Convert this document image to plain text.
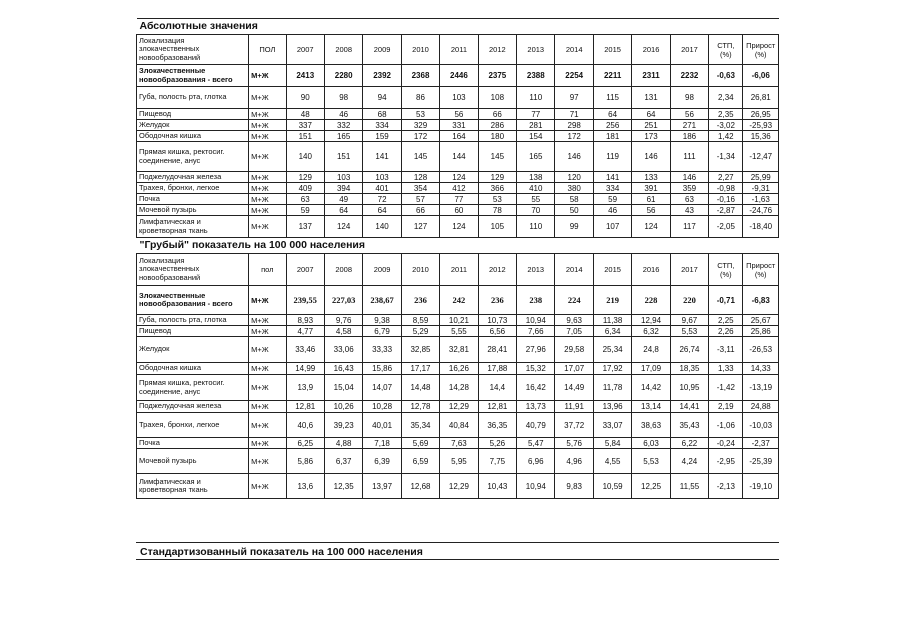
Абсолютные значения														
Локализация злокачественных новообразований	ПОЛ	2007	2008	2009	2010	2011	2012	2013	2014	2015	2016	2017	СТП, (%)	Прирост (%)
Злокачественные новообразования - всего	М+Ж	2413	2280	2392	2368	2446	2375	2388	2254	2211	2311	2232	-0,63	-6,06
Губа, полость рта, глотка	М+Ж	90	98	94	86	103	108	110	97	115	131	98	2,34	26,81
Пищевод	М+Ж	48	46	68	53	56	66	77	71	64	64	56	2,35	26,95
Желудок	М+Ж	337	332	334	329	331	286	281	298	256	251	271	-3,02	-25,93
Ободочная кишка	М+Ж	151	165	159	172	164	180	154	172	181	173	186	1,42	15,36
Прямая кишка, ректосиг. соединение, анус	М+Ж	140	151	141	145	144	145	165	146	119	146	111	-1,34	-12,47
Поджелудочная железа	М+Ж	129	103	103	128	124	129	138	120	141	133	146	2,27	25,99
Трахея, бронхи, легкое	М+Ж	409	394	401	354	412	366	410	380	334	391	359	-0,98	-9,31
Почка	М+Ж	63	49	72	57	77	53	55	58	59	61	63	-0,16	-1,63
Мочевой пузырь	М+Ж	59	64	64	66	60	78	70	50	46	56	43	-2,87	-24,76
Лимфатическая и кроветворная ткань	М+Ж	137	124	140	127	124	105	110	99	107	124	117	-2,05	-18,40
"Грубый" показатель на 100 000 населения														
Локализация злокачественных новообразований	пол	2007	2008	2009	2010	2011	2012	2013	2014	2015	2016	2017	СТП, (%)	Прирост (%)
Злокачественные новообразования - всего	М+Ж	239,55	227,03	238,67	236	242	236	238	224	219	228	220	-0,71	-6,83
Губа, полость рта, глотка	М+Ж	8,93	9,76	9,38	8,59	10,21	10,73	10,94	9,63	11,38	12,94	9,67	2,25	25,67
Пищевод	М+Ж	4,77	4,58	6,79	5,29	5,55	6,56	7,66	7,05	6,34	6,32	5,53	2,26	25,86
Желудок	М+Ж	33,46	33,06	33,33	32,85	32,81	28,41	27,96	29,58	25,34	24,8	26,74	-3,11	-26,53
Ободочная кишка	М+Ж	14,99	16,43	15,86	17,17	16,26	17,88	15,32	17,07	17,92	17,09	18,35	1,33	14,33
Прямая кишка, ректосиг. соединение, анус	М+Ж	13,9	15,04	14,07	14,48	14,28	14,4	16,42	14,49	11,78	14,42	10,95	-1,42	-13,19
Поджелудочная железа	М+Ж	12,81	10,26	10,28	12,78	12,29	12,81	13,73	11,91	13,96	13,14	14,41	2,19	24,88
Трахея, бронхи, легкое	М+Ж	40,6	39,23	40,01	35,34	40,84	36,35	40,79	37,72	33,07	38,63	35,43	-1,06	-10,03
Почка	М+Ж	6,25	4,88	7,18	5,69	7,63	5,26	5,47	5,76	5,84	6,03	6,22	-0,24	-2,37
Мочевой пузырь	М+Ж	5,86	6,37	6,39	6,59	5,95	7,75	6,96	4,96	4,55	5,53	4,24	-2,95	-25,39
Лимфатическая и кроветворная ткань	М+Ж	13,6	12,35	13,97	12,68	12,29	10,43	10,94	9,83	10,59	12,25	11,55	-2,13	-19,10
Стандартизованный показатель на 100 000 населения
